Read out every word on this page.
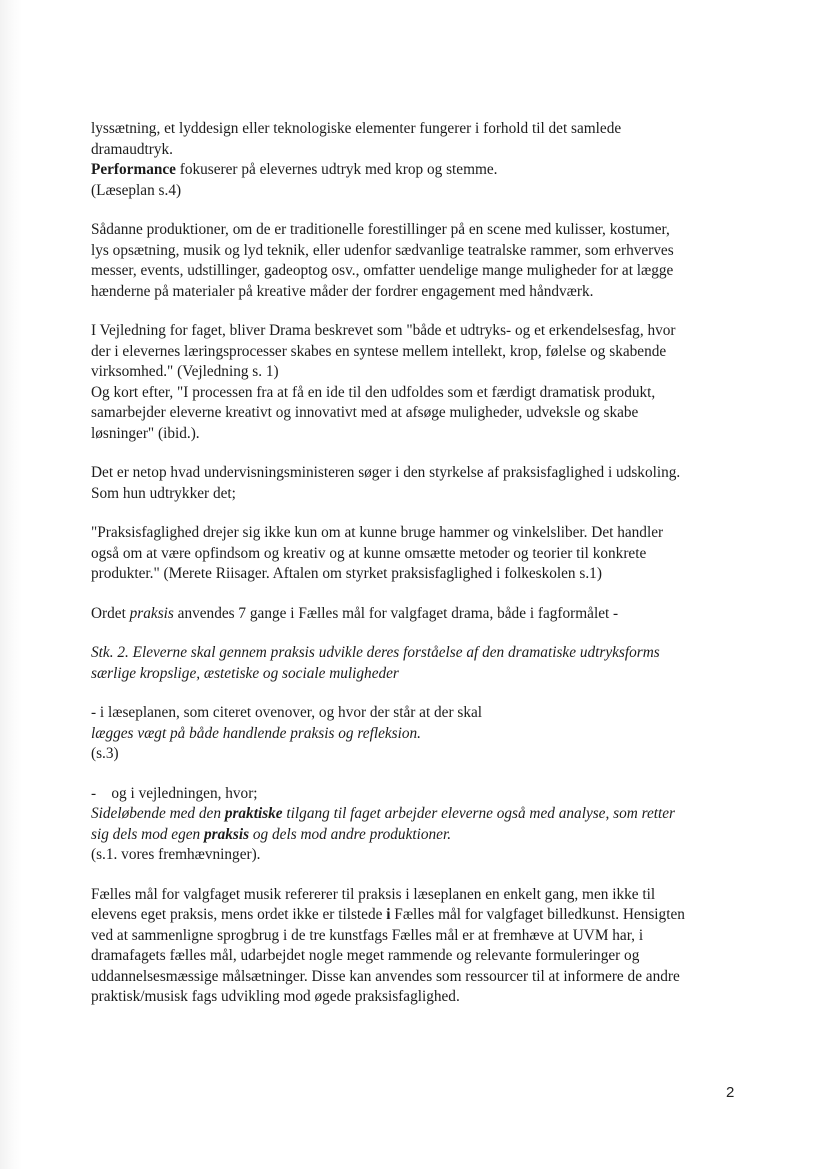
lyssætning, et lyddesign eller teknologiske elementer fungerer i forhold til det samlede
dramaudtryk.
Performance fokuserer på elevernes udtryk med krop og stemme.
(Læseplan s.4)
Sådanne produktioner, om de er traditionelle forestillinger på en scene med kulisser, kostumer,
lys opsætning, musik og lyd teknik, eller udenfor sædvanlige teatralske rammer, som erhverves
messer, events, udstillinger, gadeoptog osv., omfatter uendelige mange muligheder for at lægge
hænderne på materialer på kreative måder der fordrer engagement med håndværk.
I Vejledning for faget, bliver Drama beskrevet som "både et udtryks- og et erkendelsesfag, hvor
der i elevernes læringsprocesser skabes en syntese mellem intellekt, krop, følelse og skabende
virksomhed." (Vejledning s. 1)
Og kort efter, "I processen fra at få en ide til den udfoldes som et færdigt dramatisk produkt,
samarbejder eleverne kreativt og innovativt med at afsøge muligheder, udveksle og skabe
løsninger" (ibid.).
Det er netop hvad undervisningsministeren søger i den styrkelse af praksisfaglighed i udskoling.
Som hun udtrykker det;
"Praksisfaglighed drejer sig ikke kun om at kunne bruge hammer og vinkelsliber. Det handler
også om at være opfindsom og kreativ og at kunne omsætte metoder og teorier til konkrete
produkter." (Merete Riisager. Aftalen om styrket praksisfaglighed i folkeskolen s.1)
Ordet praksis anvendes 7 gange i Fælles mål for valgfaget drama, både i fagformålet -
Stk. 2. Eleverne skal gennem praksis udvikle deres forståelse af den dramatiske udtryksforms
særlige kropslige, æstetiske og sociale muligheder
- i læseplanen, som citeret ovenover, og hvor der står at der skal
lægges vægt på både handlende praksis og refleksion.
(s.3)
-    og i vejledningen, hvor;
Sideløbende med den praktiske tilgang til faget arbejder eleverne også med analyse, som retter
sig dels mod egen praksis og dels mod andre produktioner.
(s.1. vores fremhævninger).
Fælles mål for valgfaget musik refererer til praksis i læseplanen en enkelt gang, men ikke til
elevens eget praksis, mens ordet ikke er tilstede i Fælles mål for valgfaget billedkunst. Hensigten
ved at sammenligne sprogbrug i de tre kunstfags Fælles mål er at fremhæve at UVM har, i
dramafagets fælles mål, udarbejdet nogle meget rammende og relevante formuleringer og
uddannelsesmæssige målsætninger. Disse kan anvendes som ressourcer til at informere de andre
praktisk/musisk fags udvikling mod øgede praksisfaglighed.
2
